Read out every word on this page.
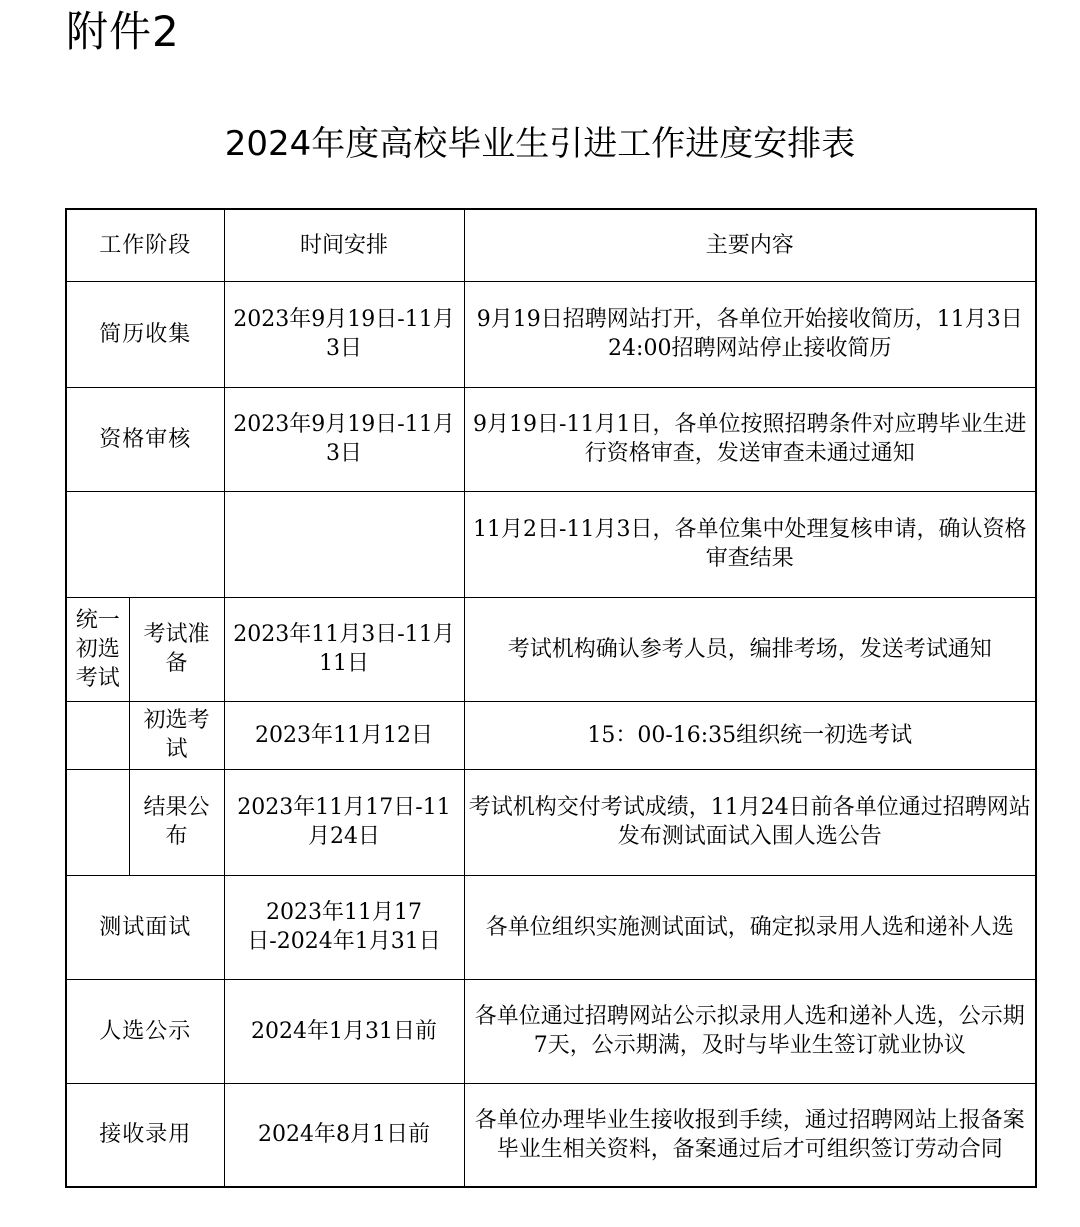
附件2
2024年度高校毕业生引进工作进度安排表
工作阶段		时间安排	主要内容
简历收集		2023年9月19日-11月3日	9月19日招聘网站打开，各单位开始接收简历，11月3日24:00招聘网站停止接收简历
资格审核		2023年9月19日-11月3日	9月19日-11月1日，各单位按照招聘条件对应聘毕业生进行资格审查，发送审查未通过通知
			11月2日-11月3日，各单位集中处理复核申请，确认资格审查结果

统一初选考试	考试准备	2023年11月3日-11月11日	考试机构确认参考人员，编排考场，发送考试通知
	初选考试	2023年11月12日	15：00-16:35组织统一初选考试
	结果公布	2023年11月17日-11月24日	考试机构交付考试成绩，11月24日前各单位通过招聘网站发布测试面试入围人选公告
测试面试		2023年11月17日-2024年1月31日	各单位组织实施测试面试，确定拟录用人选和递补人选
人选公示		2024年1月31日前	各单位通过招聘网站公示拟录用人选和递补人选，公示期7天，公示期满，及时与毕业生签订就业协议
接收录用		2024年8月1日前	各单位办理毕业生接收报到手续，通过招聘网站上报备案毕业生相关资料，备案通过后才可组织签订劳动合同
